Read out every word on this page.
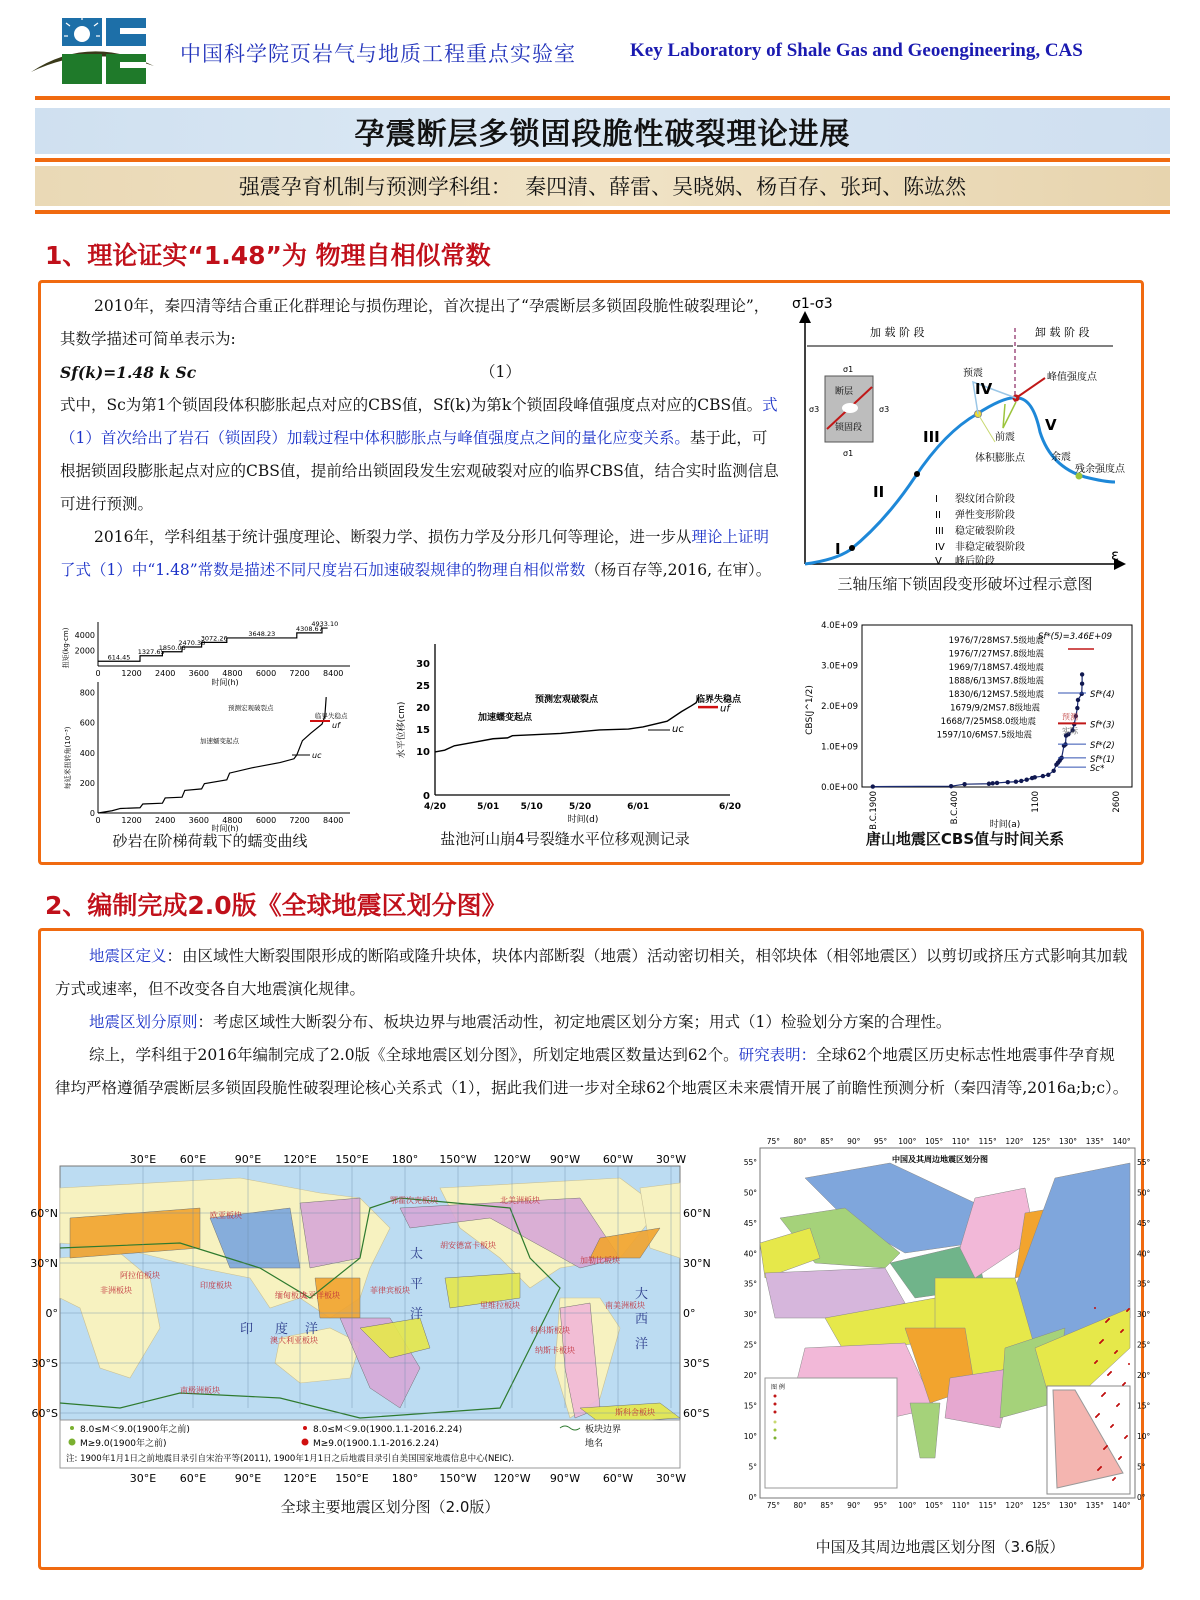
中国科学院页岩气与地质工程重点实验室	Key Laboratory of Shale Gas and Geoengineering, CAS
孕震断层多锁固段脆性破裂理论进展
强震孕育机制与预测学科组：  秦四清、薛雷、吴晓娲、杨百存、张珂、陈竑然
1、理论证实“1.48”为 物理自相似常数
2010年，秦四清等结合重正化群理论与损伤理论，首次提出了“孕震断层多锁固段脆性破裂理论”，其数学描述可简单表示为:
Sf(k)=1.48 k Sc	（1）
式中，Sc为第1个锁固段体积膨胀起点对应的CBS值，Sf(k)为第k个锁固段峰值强度点对应的CBS值。式（1）首次给出了岩石（锁固段）加载过程中体积膨胀点与峰值强度点之间的量化应变关系。基于此，可根据锁固段膨胀起点对应的CBS值，提前给出锁固段发生宏观破裂对应的临界CBS值，结合实时监测信息可进行预测。
2016年，学科组基于统计强度理论、断裂力学、损伤力学及分形几何等理论，进一步从理论上证明了式（1）中“1.48”常数是描述不同尺度岩石加速破裂规律的物理自相似常数（杨百存等,2016, 在审）。
σ1-σ3
ε
加 载 阶 段	卸 载 阶 段
预震	峰值强度点
前震
体积膨胀点	余震
残余强度点
I
II
III
IV
V
断层
锁固段
σ1
σ1
σ3	σ3
I 裂纹闭合阶段
II 弹性变形阶段
III 稳定破裂阶段
IV 非稳定破裂阶段
V 峰后阶段
三轴压缩下锁固段变形破坏过程示意图
2000
4000
0	1200 2400 3600 4800 6000 7200 8400
时间(h)
扭矩(kg·cm)	614.45
1327.65
1850.06
2470.38
3072.26
3648.23
4308.67
4933.10
0
200
400
600
800
0	1200 2400 3600 4800 6000 7200 8400
时间(h)
每延米扭转角(10⁻³)
预测宏观破裂点
临界失稳点
加速蠕变起点
uf
uc
砂岩在阶梯荷载下的蠕变曲线
0
10
15
20
25
30
4/20	5/01 5/10	5/20	6/01	6/20
时间(d)
水平位移(cm)
预测宏观破裂点	临界失稳点
加速蠕变起点
uf
uc
盐池河山崩4号裂缝水平位移观测记录
0.0E+00
1.0E+09
2.0E+09
3.0E+09
4.0E+09
B.C.1900	B.C.400	1100	2600
时间(a)
CBS(J^1/2)
1976/7/28MS7.5级地震
1976/7/27MS7.8级地震
1969/7/18MS7.4级地震
1888/6/13MS7.8级地震
1830/6/12MS7.5级地震
1679/9/2MS7.8级地震
1668/7/25MS8.0级地震
1597/10/6MS7.5级地震
Sf*(5)=3.46E+09
Sf*(4)
Sf*(3)
Sf*(2)
Sf*(1)
Sc*
预测
实际
唐山地震区CBS值与时间关系
2、编制完成2.0版《全球地震区划分图》
地震区定义：由区域性大断裂围限形成的断陷或隆升块体，块体内部断裂（地震）活动密切相关，相邻块体（相邻地震区）以剪切或挤压方式影响其加载方式或速率，但不改变各自大地震演化规律。
地震区划分原则：考虑区域性大断裂分布、板块边界与地震活动性，初定地震区划分方案；用式（1）检验划分方案的合理性。
综上，学科组于2016年编制完成了2.0版《全球地震区划分图》，所划定地震区数量达到62个。研究表明：全球62个地震区历史标志性地震事件孕育规律均严格遵循孕震断层多锁固段脆性破裂理论核心关系式（1），据此我们进一步对全球62个地震区未来震情开展了前瞻性预测分析（秦四清等,2016a;b;c）。
30°E
30°E
60°E
60°E
90°E
90°E
120°E
120°E
150°E
150°E
180°
180°
150°W
150°W
120°W
120°W
90°W
90°W
60°W
60°W
30°W
30°W
60°N	60°N
30°N	30°N
0°	0°
30°S	30°S
60°S	60°S
欧亚板块
非洲板块
印度板块
太平洋板块
北美洲板块
南美洲板块
澳大利亚板块
南极洲板块
纳斯卡板块
加勒比板块
菲律宾板块
缅甸板块
科科斯板块
鄂霍次克板块
斯科舍板块
阿拉伯板块
胡安德富卡板块
里维拉板块
太
平
洋
印 度 洋
大
西
洋
8.0≤M＜9.0(1900年之前)
M≥9.0(1900年之前)
8.0≤M＜9.0(1900.1.1-2016.2.24)
M≥9.0(1900.1.1-2016.2.24)
板块边界
地名
注: 1900年1月1日之前地震目录引自宋治平等(2011), 1900年1月1日之后地震目录引自美国国家地震信息中心(NEIC).
全球主要地震区划分图（2.0版）
图 例
中国及其周边地震区划分图
75°
75°
80°
80°
85°
85°
90°
90°
95°
95°
100°
100°
105°
105°
110°
110°
115°
115°
120°
120°
125°
125°
130°
130°
135°
135°
140°
140°
55°	55°
50°	50°
45°	45°
40°	40°
35°	35°
30°	30°
25°	25°
20°	20°
15°	15°
10°	10°
5°	5°
0°	0°
中国及其周边地震区划分图（3.6版）
